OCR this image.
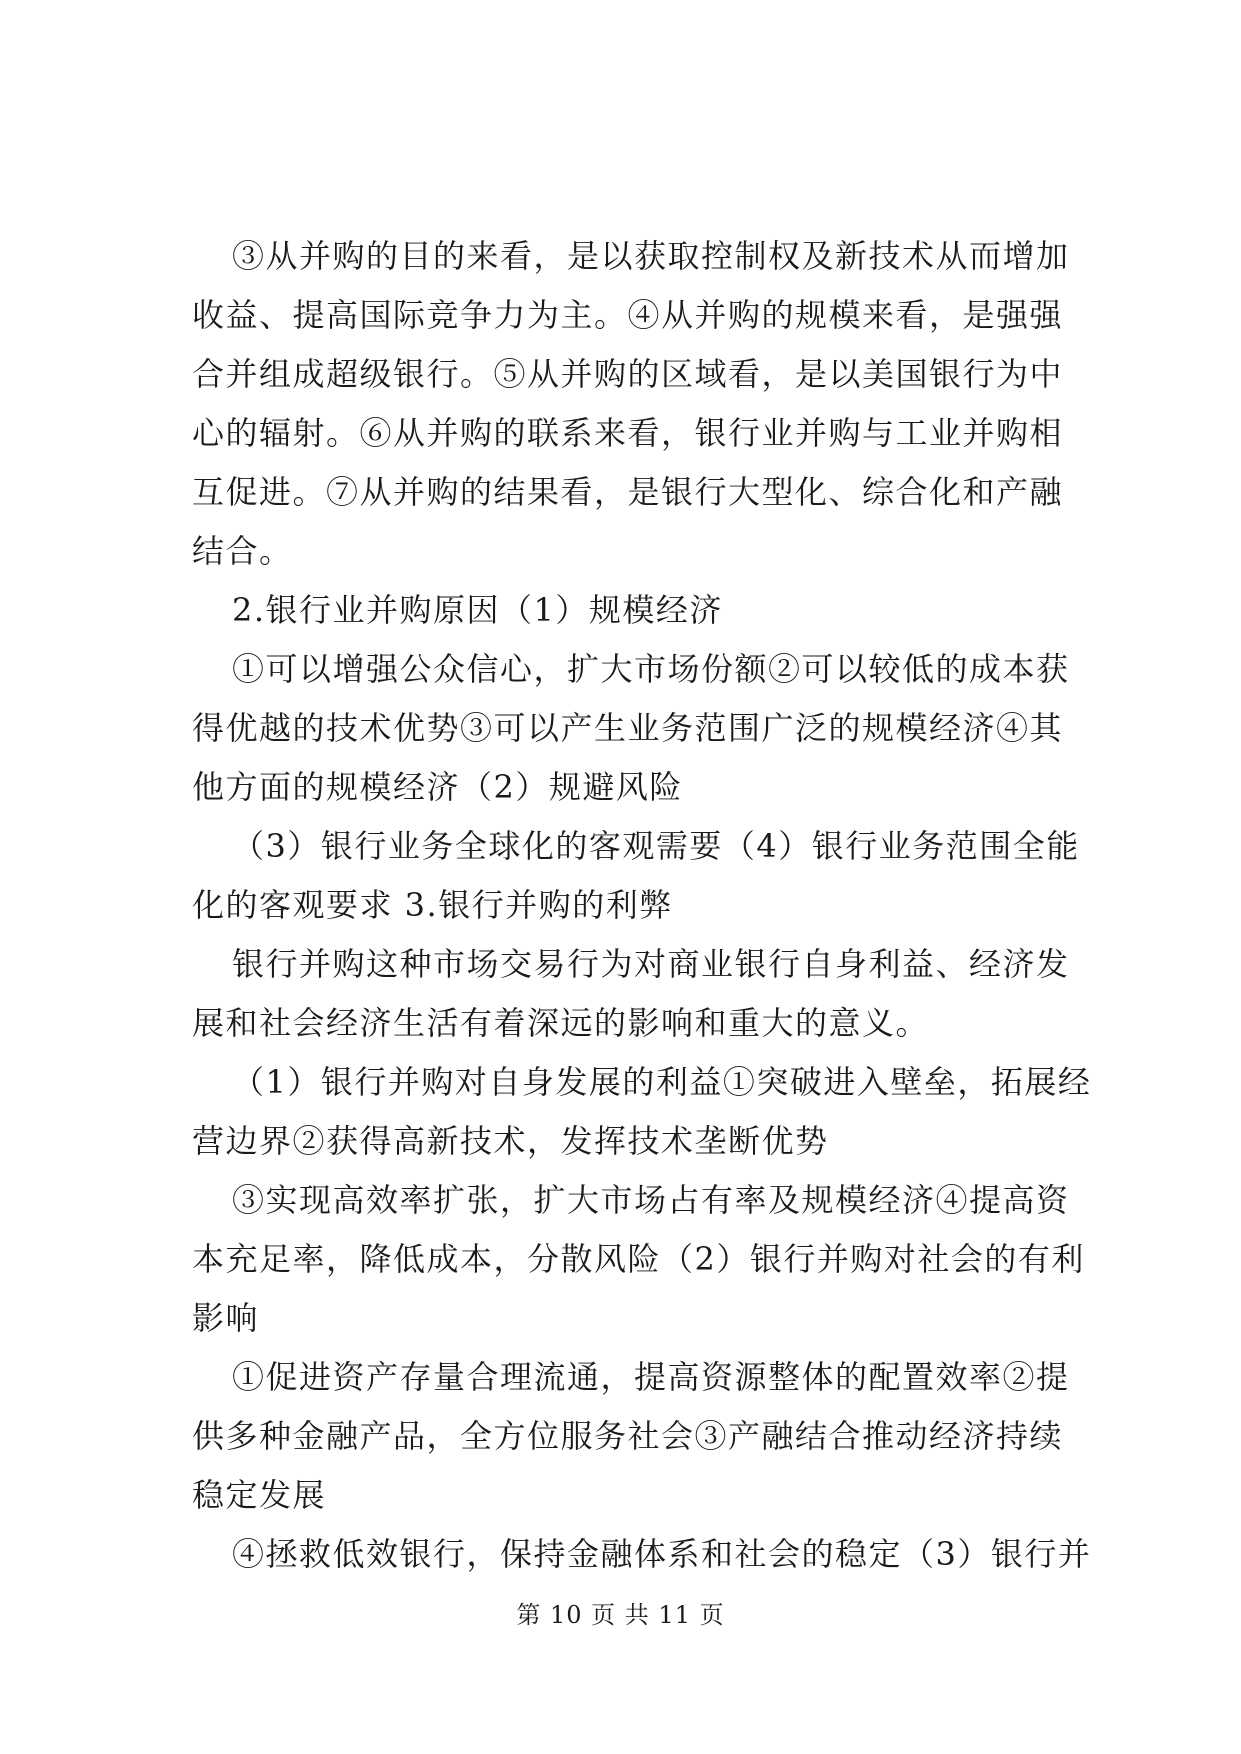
③从并购的目的来看，是以获取控制权及新技术从而增加收益、提高国际竞争力为主。④从并购的规模来看，是强强合并组成超级银行。⑤从并购的区域看，是以美国银行为中心的辐射。⑥从并购的联系来看，银行业并购与工业并购相互促进。⑦从并购的结果看，是银行大型化、综合化和产融结合。

2.银行业并购原因（1）规模经济

①可以增强公众信心，扩大市场份额②可以较低的成本获得优越的技术优势③可以产生业务范围广泛的规模经济④其他方面的规模经济（2）规避风险

（3）银行业务全球化的客观需要（4）银行业务范围全能化的客观要求 3.银行并购的利弊

银行并购这种市场交易行为对商业银行自身利益、经济发展和社会经济生活有着深远的影响和重大的意义。

（1）银行并购对自身发展的利益①突破进入壁垒，拓展经营边界②获得高新技术，发挥技术垄断优势

③实现高效率扩张，扩大市场占有率及规模经济④提高资本充足率，降低成本，分散风险（2）银行并购对社会的有利影响

①促进资产存量合理流通，提高资源整体的配置效率②提供多种金融产品，全方位服务社会③产融结合推动经济持续稳定发展

④拯救低效银行，保持金融体系和社会的稳定（3）银行并

第 10 页 共 11 页
